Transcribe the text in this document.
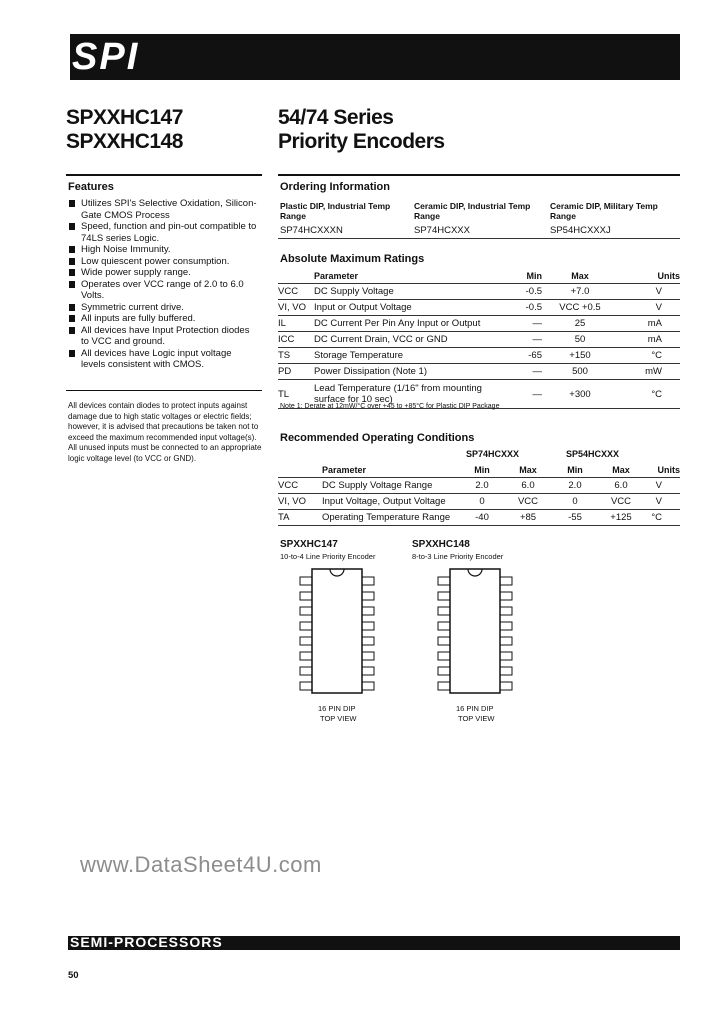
SPI
SPXXHC147
SPXXHC148
54/74 Series
Priority Encoders
Features
Utilizes SPI's Selective Oxidation, Silicon-Gate CMOS Process
Speed, function and pin-out compatible to 74LS series Logic.
High Noise Immunity.
Low quiescent power consumption.
Wide power supply range.
Operates over VCC range of 2.0 to 6.0 Volts.
Symmetric current drive.
All inputs are fully buffered.
All devices have Input Protection diodes to VCC and ground.
All devices have Logic input voltage levels consistent with CMOS.
All devices contain diodes to protect inputs against damage due to high static voltages or electric fields; however, it is advised that precautions be taken not to exceed the maximum recommended input voltage(s). All unused inputs must be connected to an appropriate logic voltage level (to VCC or GND).
Ordering Information
Plastic DIP, Industrial Temp Range
Ceramic DIP, Industrial Temp Range
Ceramic DIP, Military Temp Range
SP74HCXXXN	SP74HCXXX	SP54HCXXXJ
Absolute Maximum Ratings
	Parameter	Min	Max	Units
VCC	DC Supply Voltage	-0.5	+7.0	V
VI, VO	Input or Output Voltage	-0.5	VCC +0.5	V
IL	DC Current Per Pin Any Input or Output	—	25	mA
ICC	DC Current Drain, VCC or GND	—	50	mA
TS	Storage Temperature	-65	+150	°C
PD	Power Dissipation (Note 1)	—	500	mW
TL	Lead Temperature (1/16" from mounting surface for 10 sec)	—	+300	°C
Note 1: Derate at 12mW/°C over +45 to +85°C for Plastic DIP Package
Recommended Operating Conditions
SP74HCXXX	SP54HCXXX
	Parameter	Min	Max	Min	Max	Units
VCC	DC Supply Voltage Range	2.0	6.0	2.0	6.0	V
VI, VO	Input Voltage, Output Voltage	0	VCC	0	VCC	V
TA	Operating Temperature Range	-40	+85	-55	+125	°C
SPXXHC147
10-to-4 Line Priority Encoder
SPXXHC148
8-to-3 Line Priority Encoder
16 PIN DIP
TOP VIEW
16 PIN DIP
TOP VIEW
www.DataSheet4U.com
SEMI-PROCESSORS
50
